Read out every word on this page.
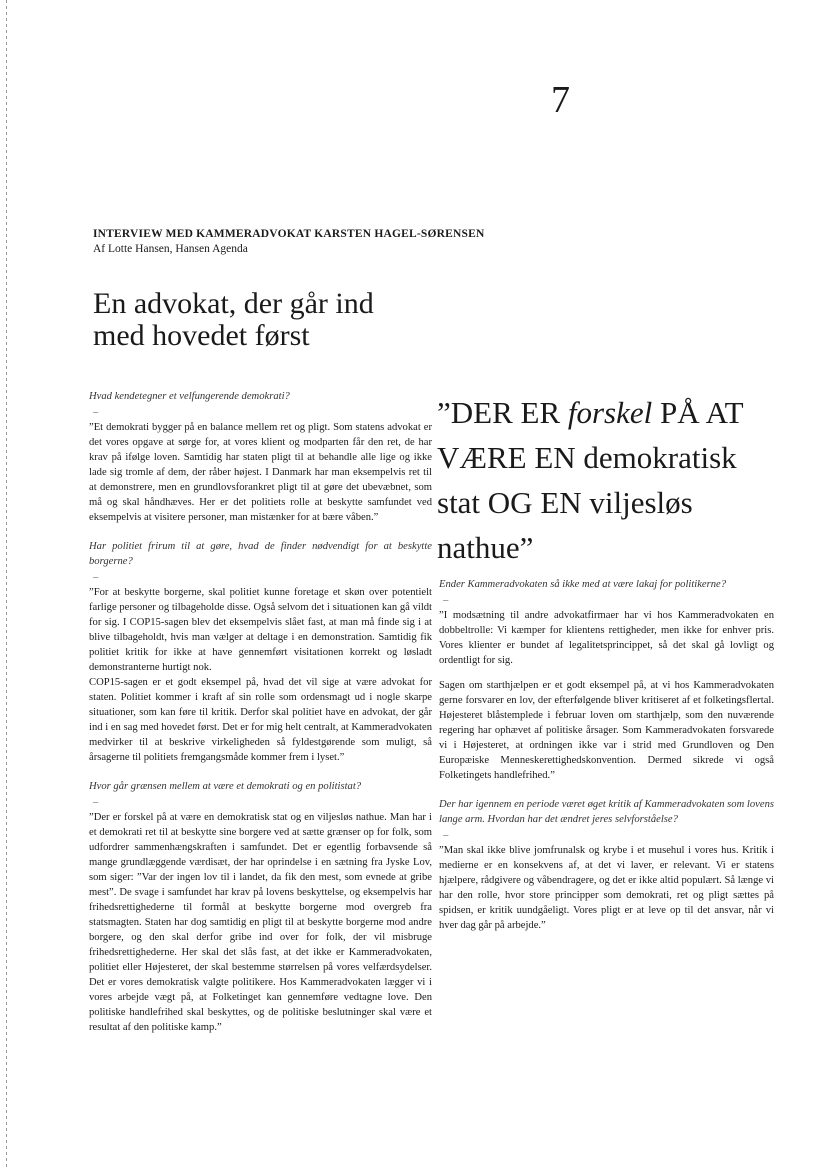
7
INTERVIEW MED KAMMERADVOKAT KARSTEN HAGEL-SØRENSEN
Af Lotte Hansen, Hansen Agenda
En advokat, der går ind med hovedet først
”DER ER forskel PÅ AT VÆRE EN demokratisk stat OG EN viljesløs nathue”

Hvad kendetegner et velfungerende demokrati?

–

”Et demokrati bygger på en balance mellem ret og pligt. Som statens advokat er det vores opgave at sørge for, at vores klient og modparten får den ret, de har krav på ifølge loven. Samtidig har staten pligt til at behandle alle lige og ikke lade sig tromle af dem, der råber højest. I Danmark har man eksempelvis ret til at demonstrere, men en grundlovsforankret pligt til at gøre det ubevæbnet, som må og skal håndhæves. Her er det politiets rolle at beskytte samfundet ved eksempelvis at visitere personer, man mistænker for at bære våben.”

Har politiet frirum til at gøre, hvad de finder nødvendigt for at beskytte borgerne?

–

”For at beskytte borgerne, skal politiet kunne foretage et skøn over potentielt farlige personer og tilbageholde disse. Også selvom det i situationen kan gå vildt for sig. I COP15-sagen blev det eksempelvis slået fast, at man må finde sig i at blive tilbageholdt, hvis man vælger at deltage i en demonstration. Samtidig fik politiet kritik for ikke at have gennemført visitationen korrekt og løsladt demonstranterne hurtigt nok.

COP15-sagen er et godt eksempel på, hvad det vil sige at være advokat for staten. Politiet kommer i kraft af sin rolle som ordensmagt ud i nogle skarpe situationer, som kan føre til kritik. Derfor skal politiet have en advokat, der går ind i en sag med hovedet først. Det er for mig helt centralt, at Kammeradvokaten medvirker til at beskrive virkeligheden så fyldestgørende som muligt, så årsagerne til politiets fremgangsmåde kommer frem i lyset.”

Hvor går grænsen mellem at være et demokrati og en politistat?

–

”Der er forskel på at være en demokratisk stat og en viljesløs nathue. Man har i et demokrati ret til at beskytte sine borgere ved at sætte grænser op for folk, som udfordrer sammenhængskraften i samfundet. Det er egentlig forbavsende så mange grundlæggende værdisæt, der har oprindelse i en sætning fra Jyske Lov, som siger: ”Var der ingen lov til i landet, da fik den mest, som evnede at gribe mest”. De svage i samfundet har krav på lovens beskyttelse, og eksempelvis har frihedsrettighederne til formål at beskytte borgerne mod overgreb fra statsmagten. Staten har dog samtidig en pligt til at beskytte borgerne mod andre borgere, og den skal derfor gribe ind over for folk, der vil misbruge frihedsrettighederne. Her skal det slås fast, at det ikke er Kammeradvokaten, politiet eller Højesteret, der skal bestemme størrelsen på vores velfærdsydelser. Det er vores demokratisk valgte politikere. Hos Kammeradvokaten lægger vi i vores arbejde vægt på, at Folketinget kan gennemføre vedtagne love. Den politiske handlefrihed skal beskyttes, og de politiske beslutninger skal være et resultat af den politiske kamp.”

Ender Kammeradvokaten så ikke med at være lakaj for politikerne?

–

”I modsætning til andre advokatfirmaer har vi hos Kammeradvokaten en dobbeltrolle: Vi kæmper for klientens rettigheder, men ikke for enhver pris. Vores klienter er bundet af legalitetsprincippet, så det skal gå lovligt og ordentligt for sig.

Sagen om starthjælpen er et godt eksempel på, at vi hos Kammeradvokaten gerne forsvarer en lov, der efterfølgende bliver kritiseret af et folketingsflertal. Højesteret blåstemplede i februar loven om starthjælp, som den nuværende regering har ophævet af politiske årsager. Som Kammeradvokaten forsvarede vi i Højesteret, at ordningen ikke var i strid med Grundloven og Den Europæiske Menneskerettighedskonvention. Dermed sikrede vi også Folketingets handlefrihed.”

Der har igennem en periode været øget kritik af Kammeradvokaten som lovens lange arm. Hvordan har det ændret jeres selvforståelse?

–

”Man skal ikke blive jomfrunalsk og krybe i et musehul i vores hus. Kritik i medierne er en konsekvens af, at det vi laver, er relevant. Vi er statens hjælpere, rådgivere og våbendragere, og det er ikke altid populært. Så længe vi har den rolle, hvor store principper som demokrati, ret og pligt sættes på spidsen, er kritik uundgåeligt. Vores pligt er at leve op til det ansvar, når vi hver dag går på arbejde.”
